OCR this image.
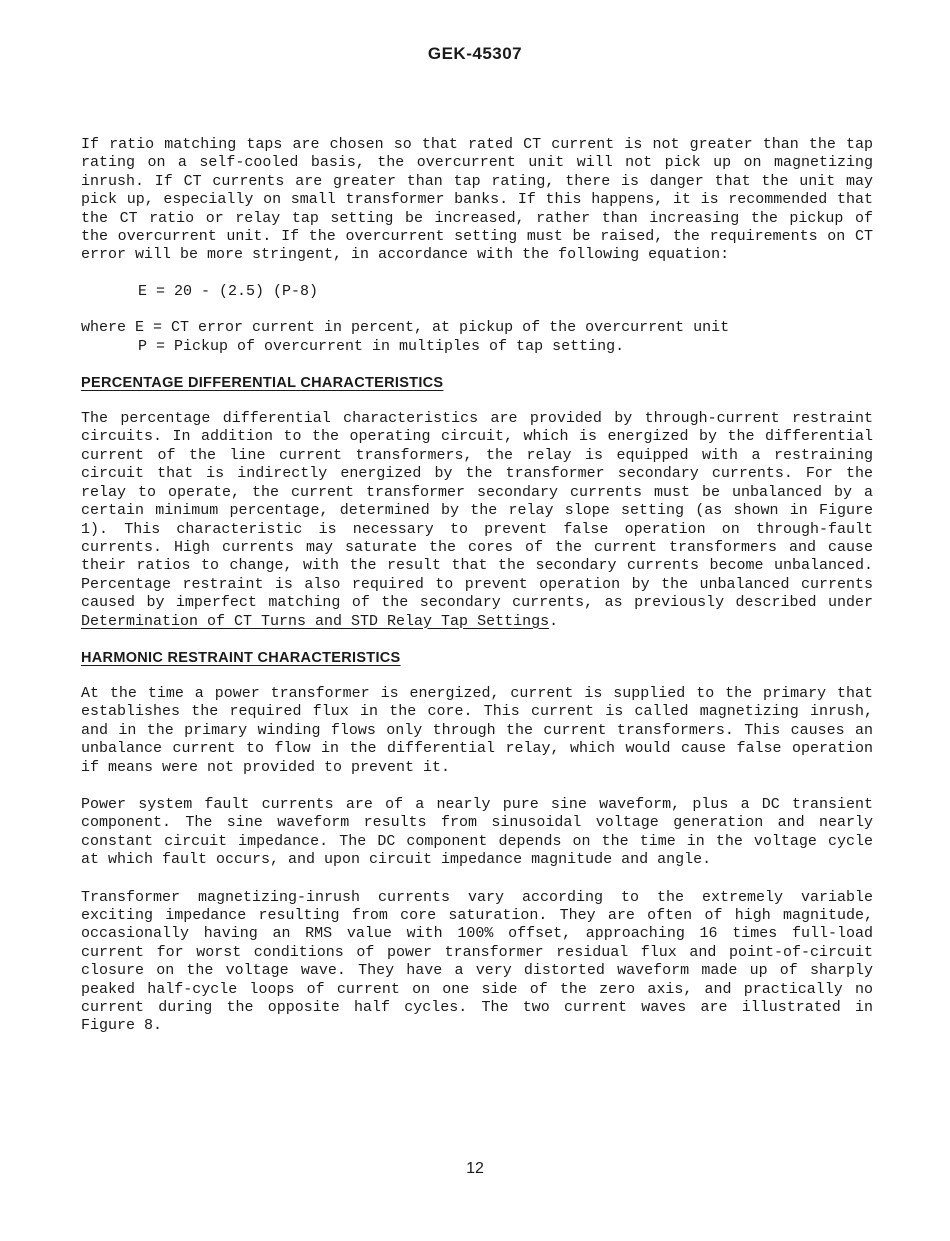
GEK-45307

If ratio matching taps are chosen so that rated CT current is not greater than the tap rating on a self-cooled basis, the overcurrent unit will not pick up on magnetizing inrush. If CT currents are greater than tap rating, there is danger that the unit may pick up, especially on small transformer banks. If this happens, it is recommended that the CT ratio or relay tap setting be increased, rather than increasing the pickup of the overcurrent unit. If the overcurrent setting must be raised, the requirements on CT error will be more stringent, in accordance with the following equation:

E = 20 - (2.5) (P-8)

where E = CT error current in percent, at pickup of the overcurrent unit

P = Pickup of overcurrent in multiples of tap setting.

PERCENTAGE DIFFERENTIAL CHARACTERISTICS

The percentage differential characteristics are provided by through-current restraint circuits. In addition to the operating circuit, which is energized by the differential current of the line current transformers, the relay is equipped with a restraining circuit that is indirectly energized by the transformer secondary currents. For the relay to operate, the current transformer secondary currents must be unbalanced by a certain minimum percentage, determined by the relay slope setting (as shown in Figure 1). This characteristic is necessary to prevent false operation on through-fault currents. High currents may saturate the cores of the current transformers and cause their ratios to change, with the result that the secondary currents become unbalanced. Percentage restraint is also required to prevent operation by the unbalanced currents caused by imperfect matching of the secondary currents, as previously described under Determination of CT Turns and STD Relay Tap Settings.

HARMONIC RESTRAINT CHARACTERISTICS

At the time a power transformer is energized, current is supplied to the primary that establishes the required flux in the core. This current is called magnetizing inrush, and in the primary winding flows only through the current transformers. This causes an unbalance current to flow in the differential relay, which would cause false operation if means were not provided to prevent it.

Power system fault currents are of a nearly pure sine waveform, plus a DC transient component. The sine waveform results from sinusoidal voltage generation and nearly constant circuit impedance. The DC component depends on the time in the voltage cycle at which fault occurs, and upon circuit impedance magnitude and angle.

Transformer magnetizing-inrush currents vary according to the extremely variable exciting impedance resulting from core saturation. They are often of high magnitude, occasionally having an RMS value with 100% offset, approaching 16 times full-load current for worst conditions of power transformer residual flux and point-of-circuit closure on the voltage wave. They have a very distorted waveform made up of sharply peaked half-cycle loops of current on one side of the zero axis, and practically no current during the opposite half cycles. The two current waves are illustrated in Figure 8.

12
